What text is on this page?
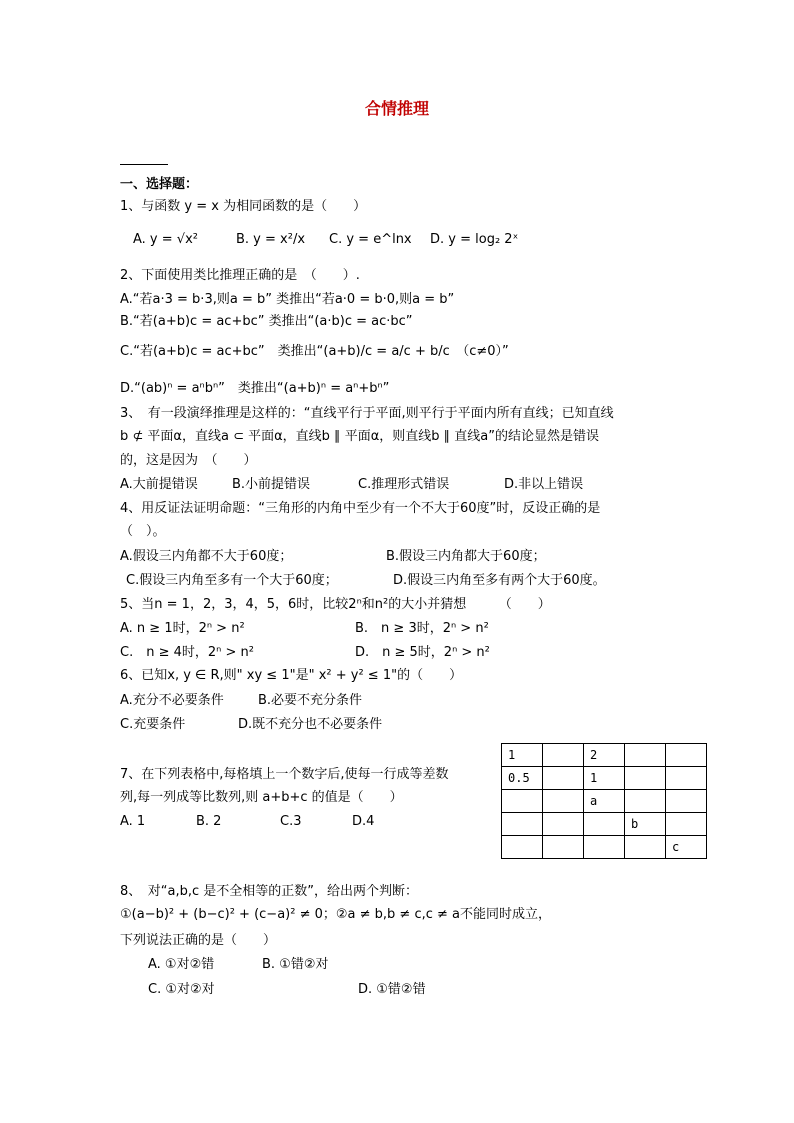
合情推理
一、选择题：
1、与函数 y = x 为相同函数的是（　　）
A. y = √x²	B. y = x²/x C. y = e^lnx D. y = log₂ 2ˣ
2、下面使用类比推理正确的是　（　　）.
A.“若a·3 = b·3,则a = b” 类推出“若a·0 = b·0,则a = b”
B.“若(a+b)c = ac+bc” 类推出“(a·b)c = ac·bc”
C.“若(a+b)c = ac+bc”　类推出“(a+b)/c = a/c + b/c　（c≠0）”
D.“(ab)ⁿ = aⁿbⁿ”　类推出“(a+b)ⁿ = aⁿ+bⁿ”
3、　有一段演绎推理是这样的：“直线平行于平面,则平行于平面内所有直线；已知直线
b ⊄ 平面α，直线a ⊂ 平面α，直线b ∥ 平面α，则直线b ∥ 直线a”的结论显然是错误
的，这是因为　（　　）
A.大前提错误	B.小前提错误	C.推理形式错误	D.非以上错误
4、用反证法证明命题：“三角形的内角中至少有一个不大于60度”时，反设正确的是
（　）。
A.假设三内角都不大于60度；	B.假设三内角都大于60度；
C.假设三内角至多有一个大于60度；	D.假设三内角至多有两个大于60度。
5、当n = 1，2，3，4，5，6时，比较2ⁿ和n²的大小并猜想　　　（　　）
A. n ≥ 1时，2ⁿ > n²	B.　n ≥ 3时，2ⁿ > n²
C.　n ≥ 4时，2ⁿ > n²	D.　n ≥ 5时，2ⁿ > n²
6、已知x, y ∈ R,则" xy ≤ 1"是" x² + y² ≤ 1"的（　　）
A.充分不必要条件	B.必要不充分条件
C.充要条件	D.既不充分也不必要条件
7、在下列表格中,每格填上一个数字后,使每一行成等差数
列,每一列成等比数列,则 a+b+c 的值是（　　）
A. 1	B. 2	C.3	D.4
1		2		
0.5		1		
		a		
			b	
				c
8、　对“a,b,c 是不全相等的正数”，给出两个判断：
①(a−b)² + (b−c)² + (c−a)² ≠ 0；②a ≠ b,b ≠ c,c ≠ a不能同时成立，
下列说法正确的是（　　）
A. ①对②错	B. ①错②对
C. ①对②对	D. ①错②错
